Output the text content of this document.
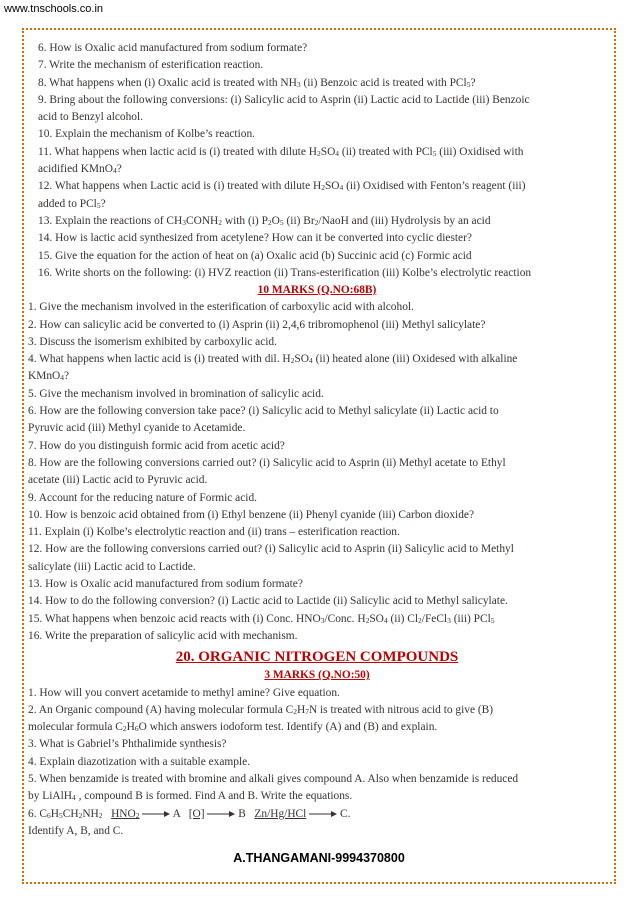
www.tnschools.co.in
6. How is Oxalic acid manufactured from sodium formate?
7. Write the mechanism of esterification reaction.
8. What happens when (i) Oxalic acid is treated with $NH_3$ (ii) Benzoic acid is treated with PCl$_5$?
9. Bring about the following conversions: (i) Salicylic acid to Asprin (ii) Lactic acid to Lactide (iii) Benzoic
acid to Benzyl alcohol.
10. Explain the mechanism of Kolbe’s reaction.
11. What happens when lactic acid is (i) treated with dilute $H_2SO_4$ (ii) treated with PCl$_5$ (iii) Oxidised with
acidified KMnO$_4$?
12. What happens when Lactic acid is (i) treated with dilute $H_2SO_4$ (ii) Oxidised with Fenton’s reagent (iii)
added to PCl$_5$?
13. Explain the reactions of $CH_3CONH_2$ with (i) $P_2O_5$ (ii) $Br_2$/NaoH and (iii) Hydrolysis by an acid
14. How is lactic acid synthesized from acetylene? How can it be converted into cyclic diester?
15. Give the equation for the action of heat on (a) Oxalic acid (b) Succinic acid (c) Formic acid
16. Write shorts on the following: (i) HVZ reaction (ii) Trans-esterification (iii) Kolbe’s electrolytic reaction
10 MARKS (Q.NO:68B)
1. Give the mechanism involved in the esterification of carboxylic acid with alcohol.
2. How can salicylic acid be converted to (i) Asprin (ii) 2,4,6 tribromophenol (iii) Methyl salicylate?
3. Discuss the isomerism exhibited by carboxylic acid.
4. What happens when lactic acid is (i) treated with dil. $H_2SO_4$ (ii) heated alone (iii) Oxidesed with alkaline
KMnO$_4$?
5. Give the mechanism involved in bromination of salicylic acid.
6. How are the following conversion take pace? (i) Salicylic acid to Methyl salicylate (ii) Lactic acid to
Pyruvic acid (iii) Methyl cyanide to Acetamide.
7. How do you distinguish formic acid from acetic acid?
8. How are the following conversions carried out? (i) Salicylic acid to Asprin (ii) Methyl acetate to Ethyl
acetate (iii) Lactic acid to Pyruvic acid.
9. Account for the reducing nature of Formic acid.
10. How is benzoic acid obtained from (i) Ethyl benzene (ii) Phenyl cyanide (iii) Carbon dioxide?
11. Explain (i) Kolbe’s electrolytic reaction and (ii) trans – esterification reaction.
12. How are the following conversions carried out? (i) Salicylic acid to Asprin (ii) Salicylic acid to Methyl
salicylate (iii) Lactic acid to Lactide.
13. How is Oxalic acid manufactured from sodium formate?
14. How to do the following conversion? (i) Lactic acid to Lactide (ii) Salicylic acid to Methyl salicylate.
15. What happens when benzoic acid reacts with (i) Conc. $HNO_3$/Conc. $H_2SO_4$ (ii) $Cl_2/FeCl_3$ (iii) PCl$_5$
16. Write the preparation of salicylic acid with mechanism.
20. ORGANIC NITROGEN COMPOUNDS
3 MARKS (Q.NO:50)
1. How will you convert acetamide to methyl amine? Give equation.
2. An Organic compound (A) having molecular formula $C_2H_7N$ is treated with nitrous acid to give (B)
molecular formula $C_2H_6O$ which answers iodoform test. Identify (A) and (B) and explain.
3. What is Gabriel’s Phthalimide synthesis?
4. Explain diazotization with a suitable example.
5. When benzamide is treated with bromine and alkali gives compound A. Also when benzamide is reduced
by LiAlH$_4$ , compound B is formed. Find A and B. Write the equations.
6. $C_6H_5CH_2NH_2$ $HNO_2 \to A$ [O] → B Zn/Hg/HCl → C.
Identify A, B, and C.
A.THANGAMANI-9994370800
